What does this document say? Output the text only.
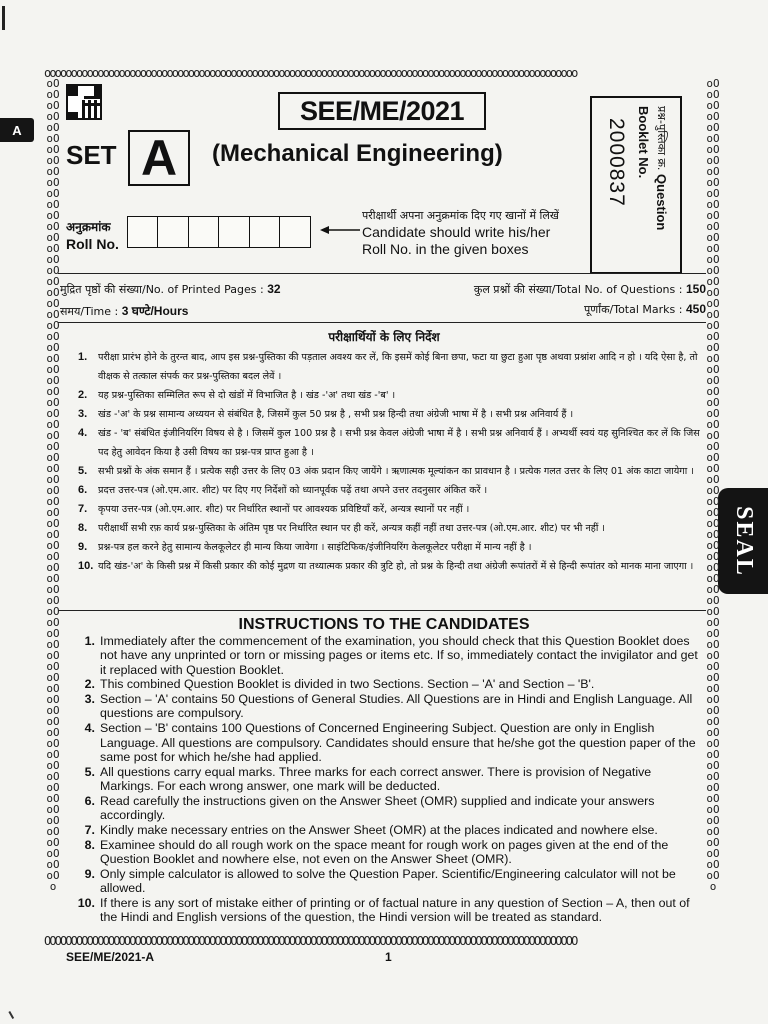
A
SEAL
oooooooooooooooooooooooooooooooooooooooooooooooooooooooooooooooooooooooooooooooooooooooooooooooooooo
OOOOOOOOOOOOOOOOOOOOOOOOOOOOOOOOOOOOOOOOOOOOOOOOOOOOOOOOOOOOOOOOOOOOOOOOOOOOOOOOOOOOOOOOOOOOOOOOOOOO
oOoOoOoOoOoOoOoOoOoOoOoOoOoOoOoOoOoOoOoOoOoOoOoOoOoOoOoOoOoOoOoOoOoOoOoOoOoOoOoOoOoOoOoOoOoOoOoOoOoOoOoOoOoOoOoOoOoOoOoOoOoOoOoOoOoOoOoOoOoOoOoOoOo
oOoOoOoOoOoOoOoOoOoOoOoOoOoOoOoOoOoOoOoOoOoOoOoOoOoOoOoOoOoOoOoOoOoOoOoOoOoOoOoOoOoOoOoOoOoOoOoOoOoOoOoOoOoOoOoOoOoOoOoOoOoOoOoOoOoOoOoOoOoOoOoOoOo
SEE/ME/2021
SET A	(Mechanical Engineering)
अनुक्रमांक
Roll No.
परीक्षार्थी अपना अनुक्रमांक दिए गए खानों में लिखें
Candidate should write his/her
Roll No. in the given boxes
प्रश्न-पुस्तिका क्र. Question Booklet No.
2000837
मुद्रित पृष्ठों की संख्या/No. of Printed Pages : 32
समय/Time : 3 घण्टे/Hours
कुल प्रश्नों की संख्या/Total No. of Questions : 150
पूर्णांक/Total Marks : 450
परीक्षार्थियों के लिए निर्देश
1.	परीक्षा प्रारंभ होने के तुरन्त बाद, आप इस प्रश्न-पुस्तिका की पड़ताल अवश्य कर लें, कि इसमें कोई बिना छपा, फटा या छुटा हुआ पृष्ठ अथवा प्रश्नांश आदि न हो । यदि ऐसा है, तो वीक्षक से तत्काल संपर्क कर प्रश्न-पुस्तिका बदल लेवें ।
2.	यह प्रश्न-पुस्तिका सम्मिलित रूप से दो खंडों में विभाजित है । खंड -'अ' तथा खंड -'ब' ।
3.	खंड -'अ' के प्रश्न सामान्य अध्ययन से संबंधित है, जिसमें कुल 50 प्रश्न है , सभी प्रश्न हिन्दी तथा अंग्रेजी भाषा में है । सभी प्रश्न अनिवार्य हैं ।
4.	खंड - 'ब' संबंधित इंजीनियरिंग विषय से है । जिसमें कुल 100 प्रश्न है । सभी प्रश्न केवल अंग्रेजी भाषा में है । सभी प्रश्न अनिवार्य हैं । अभ्यर्थी स्वयं यह सुनिश्चित कर लें कि जिस पद हेतु आवेदन किया है उसी विषय का प्रश्न-पत्र प्राप्त हुआ है ।
5.	सभी प्रश्नों के अंक समान हैं । प्रत्येक सही उत्तर के लिए 03 अंक प्रदान किए जायेंगे । ऋणात्मक मूल्यांकन का प्रावधान है । प्रत्येक गलत उत्तर के लिए 01 अंक काटा जायेगा ।
6.	प्रदत्त उत्तर-पत्र (ओ.एम.आर. शीट) पर दिए गए निर्देशों को ध्यानपूर्वक पढ़ें तथा अपने उत्तर तदनुसार अंकित करें ।
7.	कृपया उत्तर-पत्र (ओ.एम.आर. शीट) पर निर्धारित स्थानों पर आवश्यक प्रविष्टियाँ करें, अन्यत्र स्थानों पर नहीं ।
8.	परीक्षार्थी सभी रफ़ कार्य प्रश्न-पुस्तिका के अंतिम पृष्ठ पर निर्धारित स्थान पर ही करें, अन्यत्र कहीं नहीं तथा उत्तर-पत्र (ओ.एम.आर. शीट) पर भी नहीं ।
9.	प्रश्न-पत्र हल करने हेतु सामान्य केलकूलेटर ही मान्य किया जावेगा । साइंटिफिक/इंजीनियरिंग केलकूलेटर परीक्षा में मान्य नहीं है ।
10. यदि खंड-'अ' के किसी प्रश्न में किसी प्रकार की कोई मुद्रण या तथ्यात्मक प्रकार की त्रुटि हो, तो प्रश्न के हिन्दी तथा अंग्रेजी रूपांतरों में से हिन्दी रूपांतर को मानक माना जाएगा ।
INSTRUCTIONS TO THE CANDIDATES
1. Immediately after the commencement of the examination, you should check that this Question Booklet does not have any unprinted or torn or missing pages or items etc. If so, immediately contact the invigilator and get it replaced with Question Booklet.
2. This combined Question Booklet is divided in two Sections. Section – 'A' and Section – 'B'.
3. Section – 'A' contains 50 Questions of General Studies. All Questions are in Hindi and English Language. All questions are compulsory.
4. Section – 'B' contains 100 Questions of Concerned Engineering Subject. Question are only in English Language. All questions are compulsory. Candidates should ensure that he/she got the question paper of the same post for which he/she had applied.
5. All questions carry equal marks. Three marks for each correct answer. There is provision of Negative Markings. For each wrong answer, one mark will be deducted.
6. Read carefully the instructions given on the Answer Sheet (OMR) supplied and indicate your answers accordingly.
7. Kindly make necessary entries on the Answer Sheet (OMR) at the places indicated and nowhere else.
8. Examinee should do all rough work on the space meant for rough work on pages given at the end of the Question Booklet and nowhere else, not even on the Answer Sheet (OMR).
9. Only simple calculator is allowed to solve the Question Paper. Scientific/Engineering calculator will not be allowed.
10. If there is any sort of mistake either of printing or of factual nature in any question of Section – A, then out of the Hindi and English versions of the question, the Hindi version will be treated as standard.
SEE/ME/2021-A	1
